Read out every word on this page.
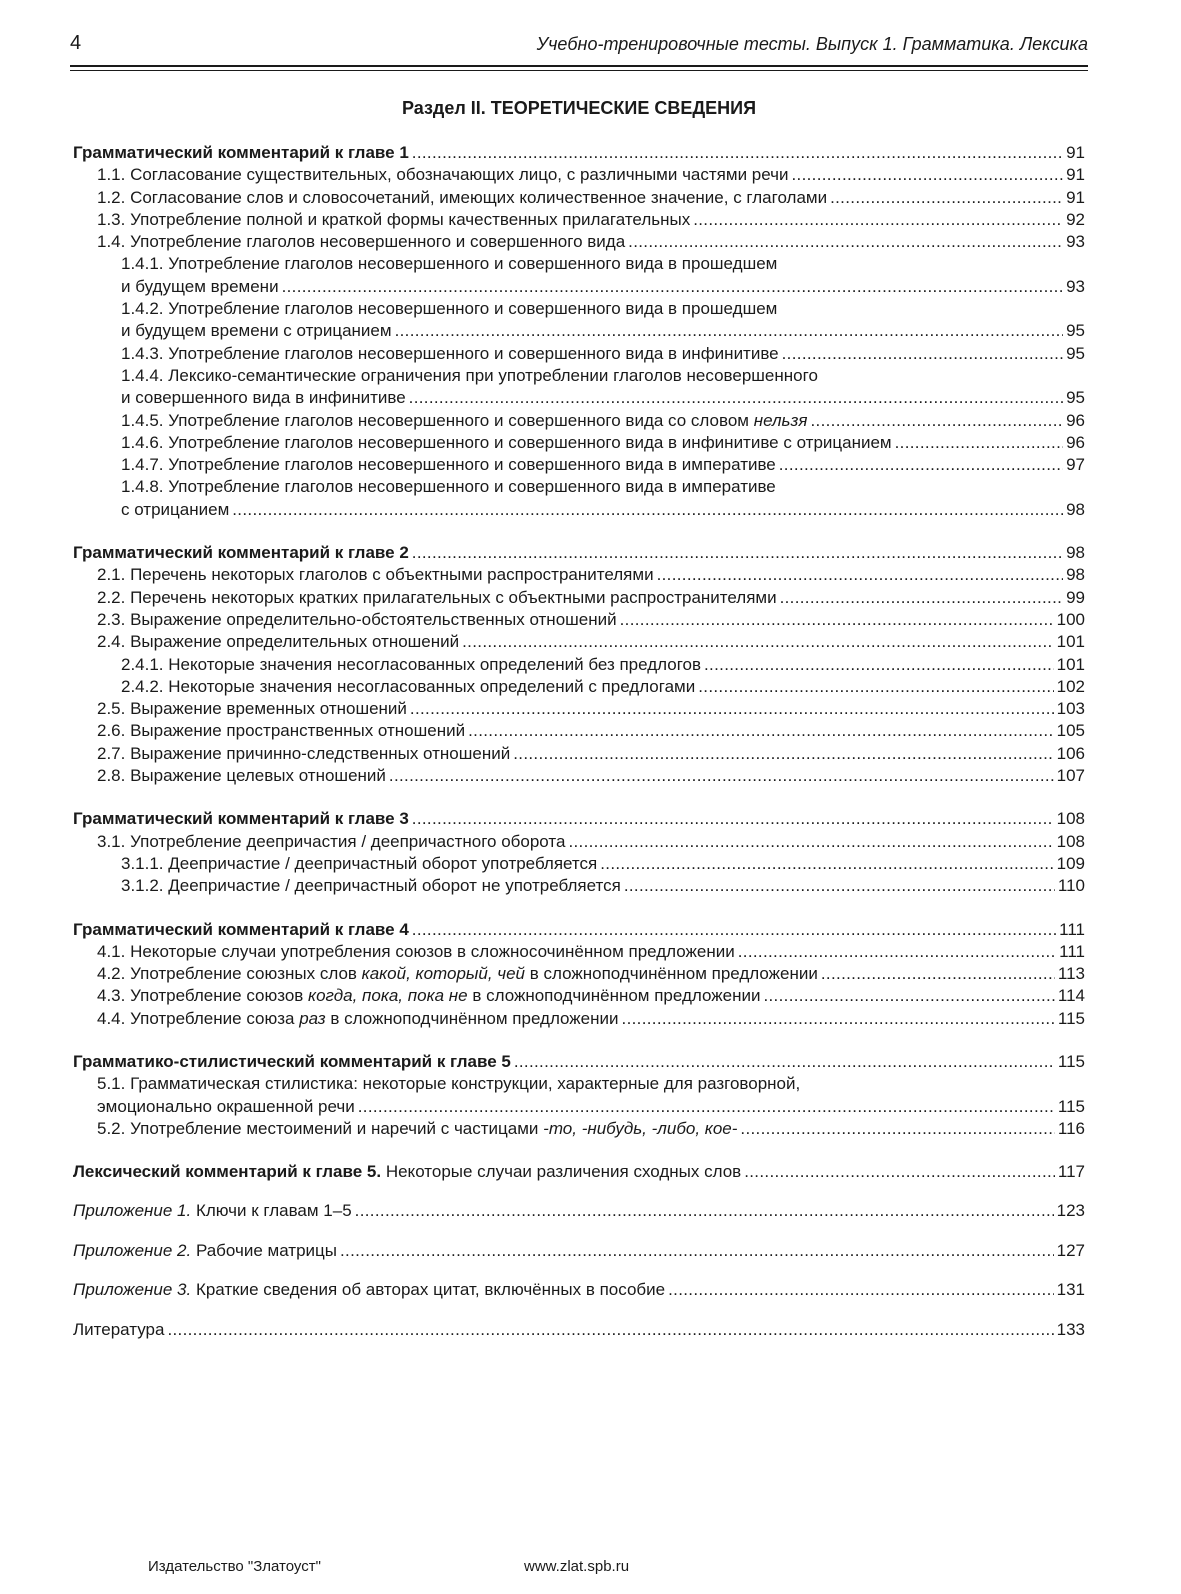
4	Учебно-тренировочные тесты. Выпуск 1. Грамматика. Лексика
Раздел II. ТЕОРЕТИЧЕСКИЕ СВЕДЕНИЯ
Грамматический комментарий к главе 1 . . .	91
1.1. Согласование существительных, обозначающих лицо, с различными частями речи . . .	91
1.2. Согласование слов и словосочетаний, имеющих количественное значение, с глаголами . . .	91
1.3. Употребление полной и краткой формы качественных прилагательных . . .	92
1.4. Употребление глаголов несовершенного и совершенного вида . . .	93
1.4.1. Употребление глаголов несовершенного и совершенного вида в прошедшем
и будущем времени . . .	93
1.4.2. Употребление глаголов несовершенного и совершенного вида в прошедшем
и будущем времени с отрицанием . . .	95
1.4.3. Употребление глаголов несовершенного и совершенного вида в инфинитиве . . .	95
1.4.4. Лексико-семантические ограничения при употреблении глаголов несовершенного
и совершенного вида в инфинитиве . . .	95
1.4.5. Употребление глаголов несовершенного и совершенного вида со словом нельзя . . .	96
1.4.6. Употребление глаголов несовершенного и совершенного вида в инфинитиве с отрицанием . . .	96
1.4.7. Употребление глаголов несовершенного и совершенного вида в императиве . . .	97
1.4.8. Употребление глаголов несовершенного и совершенного вида в императиве
с отрицанием . . .	98
Грамматический комментарий к главе 2 . . .	98
2.1. Перечень некоторых глаголов с объектными распространителями . . .	98
2.2. Перечень некоторых кратких прилагательных с объектными распространителями . . .	99
2.3. Выражение определительно-обстоятельственных отношений . . .	100
2.4. Выражение определительных отношений . . .	101
2.4.1. Некоторые значения несогласованных определений без предлогов . . .	101
2.4.2. Некоторые значения несогласованных определений с предлогами . . .	102
2.5. Выражение временных отношений . . .	103
2.6. Выражение пространственных отношений . . .	105
2.7. Выражение причинно-следственных отношений . . .	106
2.8. Выражение целевых отношений . . .	107
Грамматический комментарий к главе 3 . . .	108
3.1. Употребление деепричастия / деепричастного оборота . . .	108
3.1.1. Деепричастие / деепричастный оборот употребляется . . .	109
3.1.2. Деепричастие / деепричастный оборот не употребляется . . .	110
Грамматический комментарий к главе 4 . . .	111
4.1. Некоторые случаи употребления союзов в сложносочинённом предложении . . .	111
4.2. Употребление союзных слов какой, который, чей в сложноподчинённом предложении . . .	113
4.3. Употребление союзов когда, пока, пока не в сложноподчинённом предложении . . .	114
4.4. Употребление союза раз в сложноподчинённом предложении . . .	115
Грамматико-стилистический комментарий к главе 5 . . .	115
5.1. Грамматическая стилистика: некоторые конструкции, характерные для разговорной,
эмоционально окрашенной речи . . .	115
5.2. Употребление местоимений и наречий с частицами -то, -нибудь, -либо, кое- . . .	116
Лексический комментарий к главе 5. Некоторые случаи различения сходных слов . . .	117
Приложение 1. Ключи к главам 1–5 . . .	123
Приложение 2. Рабочие матрицы . . .	127
Приложение 3. Краткие сведения об авторах цитат, включённых в пособие . . .	131
Литература . . .	133
Издательство "Златоуст"	www.zlat.spb.ru
